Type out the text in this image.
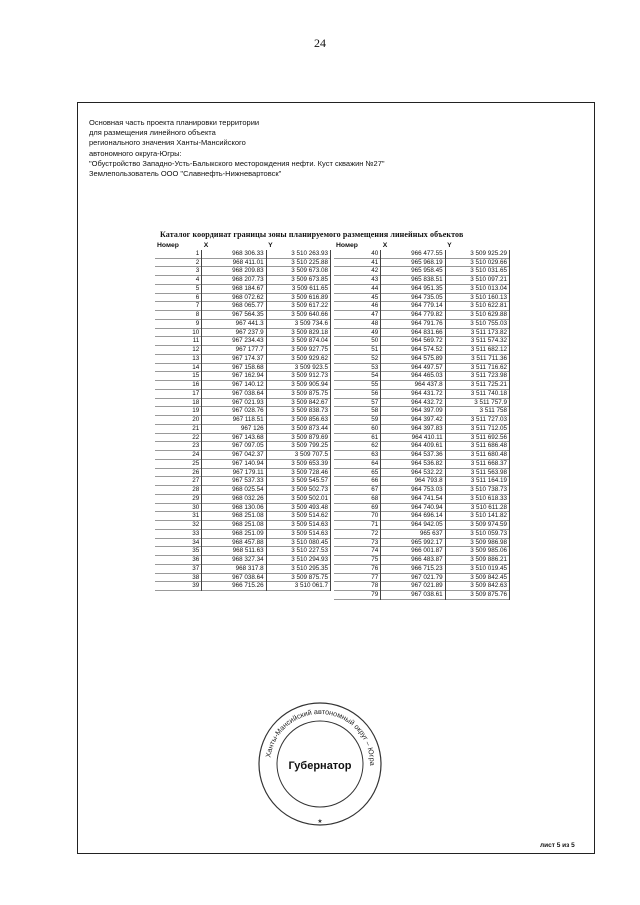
24
Основная часть проекта планировки территории
для размещения линейного объекта
регионального значения Ханты-Мансийского
автономного округа-Югры:
"Обустройство Западно-Усть-Балыкского месторождения нефти. Куст скважин №27"
Землепользователь ООО "Славнефть-Нижневартовск"
Каталог координат границы зоны планируемого размещения линейных объектов
Номер	X	Y
1	968 306.33	3 510 263.93
2	968 411.01	3 510 225.88
3	968 209.83	3 509 673.08
4	968 207.73	3 509 673.85
5	968 184.67	3 509 611.65
6	968 072.62	3 509 616.89
7	968 065.77	3 509 617.22
8	967 564.35	3 509 640.66
9	967 441.3	3 509 734.6
10	967 237.9	3 509 829.18
11	967 234.43	3 509 874.04
12	967 177.7	3 509 927.75
13	967 174.37	3 509 929.62
14	967 158.68	3 509 923.5
15	967 162.94	3 509 912.73
16	967 140.12	3 509 905.94
17	967 038.64	3 509 875.75
18	967 021.93	3 509 842.67
19	967 028.76	3 509 838.73
20	967 118.51	3 509 856.63
21	967 126	3 509 873.44
22	967 143.68	3 509 879.69
23	967 097.05	3 509 799.25
24	967 042.37	3 509 707.5
25	967 140.94	3 509 653.39
26	967 179.11	3 509 728.46
27	967 537.33	3 509 545.57
28	968 025.54	3 509 502.73
29	968 032.26	3 509 502.01
30	968 130.06	3 509 493.48
31	968 251.08	3 509 514.62
32	968 251.08	3 509 514.63
33	968 251.09	3 509 514.63
34	968 457.88	3 510 080.45
35	968 511.63	3 510 227.53
36	968 327.34	3 510 294.93
37	968 317.8	3 510 295.35
38	967 038.64	3 509 875.75
39	966 715.26	3 510 061.7
Номер	X	Y
40	966 477.55	3 509 925.29
41	965 968.19	3 510 029.66
42	965 958.45	3 510 031.65
43	965 838.51	3 510 097.21
44	964 951.35	3 510 013.04
45	964 735.05	3 510 160.13
46	964 779.14	3 510 622.81
47	964 779.82	3 510 629.88
48	964 791.76	3 510 755.03
49	964 831.66	3 511 173.82
50	964 569.72	3 511 574.32
51	964 574.52	3 511 682.12
52	964 575.89	3 511 711.36
53	964 497.57	3 511 716.62
54	964 465.03	3 511 723.98
55	964 437.8	3 511 725.21
56	964 431.72	3 511 740.18
57	964 432.72	3 511 757.9
58	964 397.09	3 511 758
59	964 397.42	3 511 727.03
60	964 397.83	3 511 712.05
61	964 410.11	3 511 692.56
62	964 409.61	3 511 686.48
63	964 537.36	3 511 680.48
64	964 536.82	3 511 668.37
65	964 532.22	3 511 563.98
66	964 793.8	3 511 164.19
67	964 753.03	3 510 738.73
68	964 741.54	3 510 618.33
69	964 740.94	3 510 611.28
70	964 696.14	3 510 141.82
71	964 942.05	3 509 974.59
72	965 637	3 510 059.73
73	965 992.17	3 509 986.98
74	966 001.87	3 509 985.06
75	966 483.87	3 509 886.21
76	966 715.23	3 510 019.45
77	967 021.79	3 509 842.45
78	967 021.89	3 509 842.63
79	967 038.61	3 509 875.76
Ханты-Мансийский автономный округ – Югра
Губернатор
★
лист 5 из 5
